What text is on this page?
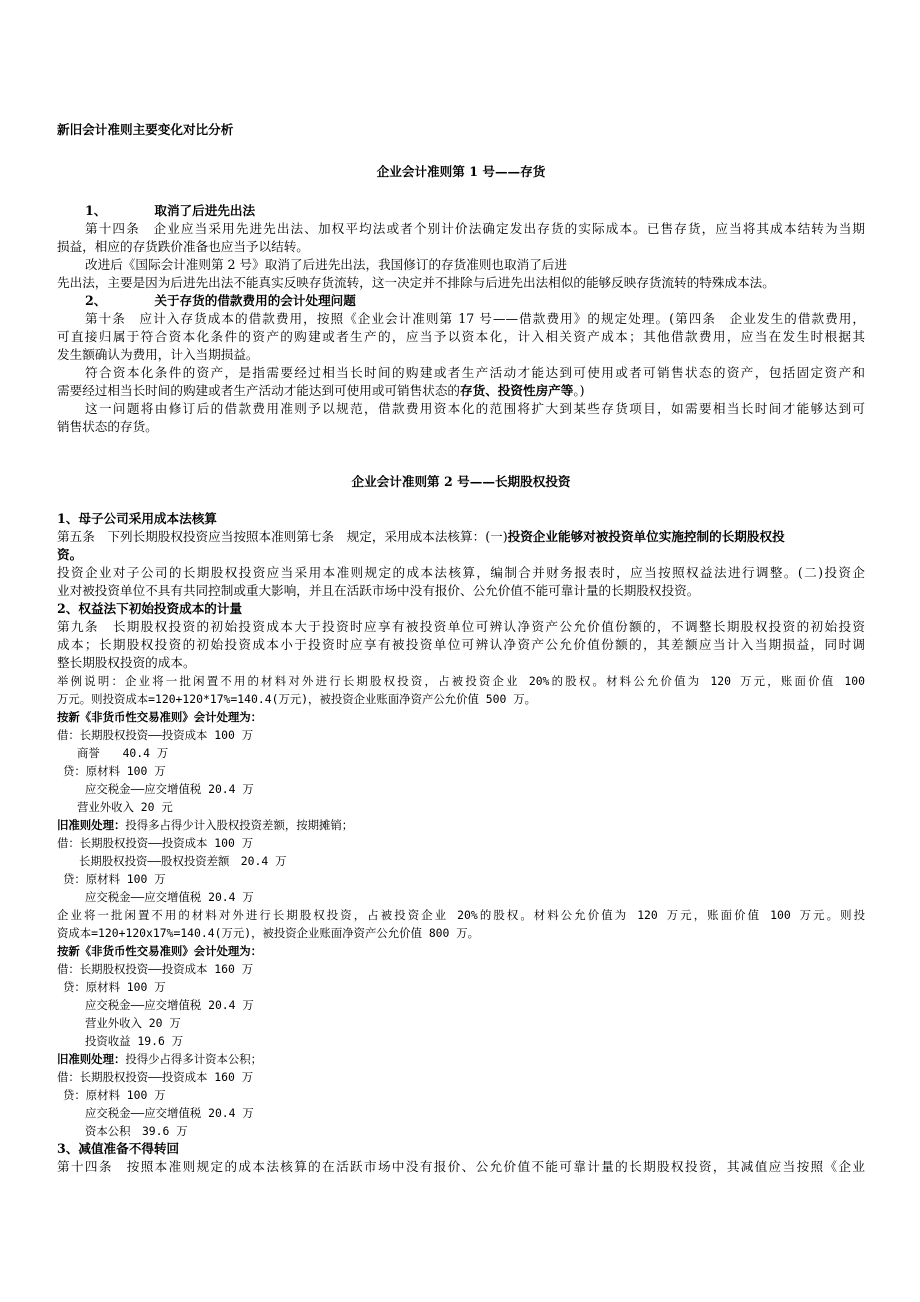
新旧会计准则主要变化对比分析
企业会计准则第 1 号——存货
1、	取消了后进先出法
第十四条　企业应当采用先进先出法、加权平均法或者个别计价法确定发出存货的实际成本。已售存货，应当将其成本结转为当期
损益，相应的存货跌价准备也应当予以结转。
改进后《国际会计准则第 2 号》取消了后进先出法，我国修订的存货准则也取消了后进
先出法，主要是因为后进先出法不能真实反映存货流转，这一决定并不排除与后进先出法相似的能够反映存货流转的特殊成本法。
2、	关于存货的借款费用的会计处理问题
第十条　应计入存货成本的借款费用，按照《企业会计准则第 17 号——借款费用》的规定处理。(第四条　企业发生的借款费用，
可直接归属于符合资本化条件的资产的购建或者生产的，应当予以资本化，计入相关资产成本；其他借款费用，应当在发生时根据其
发生额确认为费用，计入当期损益。
符合资本化条件的资产，是指需要经过相当长时间的购建或者生产活动才能达到可使用或者可销售状态的资产，包括固定资产和
需要经过相当长时间的购建或者生产活动才能达到可使用或可销售状态的存货、投资性房产等。)
这一问题将由修订后的借款费用准则予以规范，借款费用资本化的范围将扩大到某些存货项目，如需要相当长时间才能够达到可
销售状态的存货。
企业会计准则第 2 号——长期股权投资
1、母子公司采用成本法核算
第五条　下列长期股权投资应当按照本准则第七条　规定，采用成本法核算：(一)投资企业能够对被投资单位实施控制的长期股权投
资。
投资企业对子公司的长期股权投资应当采用本准则规定的成本法核算，编制合并财务报表时，应当按照权益法进行调整。(二)投资企
业对被投资单位不具有共同控制或重大影响，并且在活跃市场中没有报价、公允价值不能可靠计量的长期股权投资。
2、权益法下初始投资成本的计量
第九条　长期股权投资的初始投资成本大于投资时应享有被投资单位可辨认净资产公允价值份额的，不调整长期股权投资的初始投资
成本；长期股权投资的初始投资成本小于投资时应享有被投资单位可辨认净资产公允价值份额的，其差额应当计入当期损益，同时调
整长期股权投资的成本。
举例说明：企业将一批闲置不用的材料对外进行长期股权投资，占被投资企业 20%的股权。材料公允价值为 120 万元，账面价值 100
万元。则投资成本=120+120*17%=140.4(万元)，被投资企业账面净资产公允价值 500 万。
按新《非货币性交易准则》会计处理为：
借：长期股权投资——投资成本 100 万
商誉　　40.4 万
贷：原材料 100 万
应交税金——应交增值税 20.4 万
营业外收入 20 元
旧准则处理：投得多占得少计入股权投资差额，按期摊销；
借：长期股权投资——投资成本 100 万
长期股权投资——股权投资差额　20.4 万
贷：原材料 100 万
应交税金——应交增值税 20.4 万
企业将一批闲置不用的材料对外进行长期股权投资，占被投资企业 20%的股权。材料公允价值为 120 万元，账面价值 100 万元。则投
资成本=120+120x17%=140.4(万元)，被投资企业账面净资产公允价值 800 万。
按新《非货币性交易准则》会计处理为：
借：长期股权投资——投资成本 160 万
贷：原材料 100 万
应交税金——应交增值税 20.4 万
营业外收入 20 万
投资收益 19.6 万
旧准则处理：投得少占得多计资本公积；
借：长期股权投资——投资成本 160 万
贷：原材料 100 万
应交税金——应交增值税 20.4 万
资本公积　39.6 万
3、减值准备不得转回
第十四条　按照本准则规定的成本法核算的在活跃市场中没有报价、公允价值不能可靠计量的长期股权投资，其减值应当按照《企业
